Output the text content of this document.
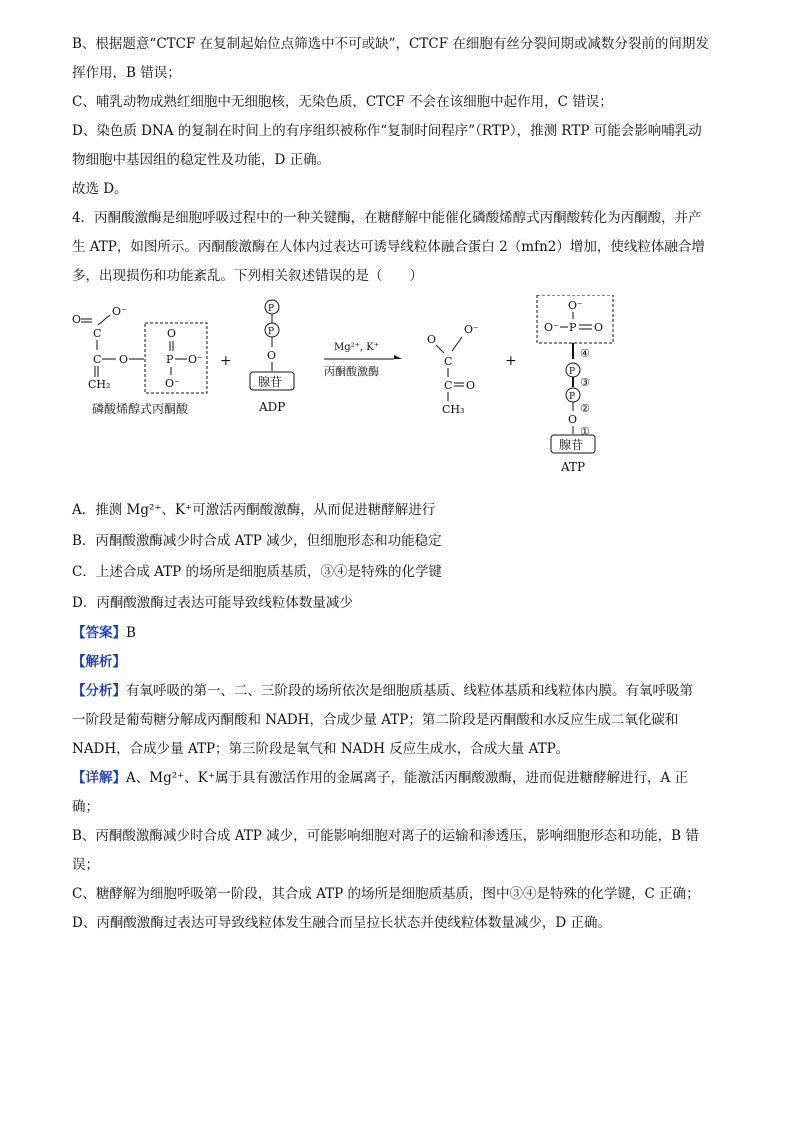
B、根据题意“CTCF 在复制起始位点筛选中不可或缺”，CTCF 在细胞有丝分裂间期或减数分裂前的间期发

挥作用，B 错误；

C、哺乳动物成熟红细胞中无细胞核，无染色质，CTCF 不会在该细胞中起作用，C 错误；

D、染色质 DNA 的复制在时间上的有序组织被称作“复制时间程序”（RTP），推测 RTP 可能会影响哺乳动

物细胞中基因组的稳定性及功能，D 正确。

故选 D。

4．丙酮酸激酶是细胞呼吸过程中的一种关键酶，在糖酵解中能催化磷酸烯醇式丙酮酸转化为丙酮酸，并产

生 ATP，如图所示。丙酮酸激酶在人体内过表达可诱导线粒体融合蛋白 2（mfn2）增加，使线粒体融合增

多，出现损伤和功能紊乱。下列相关叙述错误的是（　　）

O
C
O⁻
C O
CH₂
O
P O⁻
O⁻
磷酸烯醇式丙酮酸
+
P
P
O
腺苷
ADP
Mg²⁺, K⁺
丙酮酸激酶
O
O⁻
C
C O
CH₃
+
O⁻
O⁻ P O
④
P
③
P
②
O
①
腺苷
ATP

A．推测 Mg²⁺、K⁺可激活丙酮酸激酶，从而促进糖酵解进行

B．丙酮酸激酶减少时合成 ATP 减少，但细胞形态和功能稳定

C．上述合成 ATP 的场所是细胞质基质，③④是特殊的化学键

D．丙酮酸激酶过表达可能导致线粒体数量减少

【答案】B

【解析】

【分析】有氧呼吸的第一、二、三阶段的场所依次是细胞质基质、线粒体基质和线粒体内膜。有氧呼吸第

一阶段是葡萄糖分解成丙酮酸和 NADH，合成少量 ATP；第二阶段是丙酮酸和水反应生成二氧化碳和

NADH，合成少量 ATP；第三阶段是氧气和 NADH 反应生成水，合成大量 ATP。

【详解】A、Mg²⁺、K⁺属于具有激活作用的金属离子，能激活丙酮酸激酶，进而促进糖酵解进行，A 正

确；

B、丙酮酸激酶减少时合成 ATP 减少，可能影响细胞对离子的运输和渗透压，影响细胞形态和功能，B 错

误；

C、糖酵解为细胞呼吸第一阶段，其合成 ATP 的场所是细胞质基质，图中③④是特殊的化学键，C 正确；

D、丙酮酸激酶过表达可导致线粒体发生融合而呈拉长状态并使线粒体数量减少，D 正确。
